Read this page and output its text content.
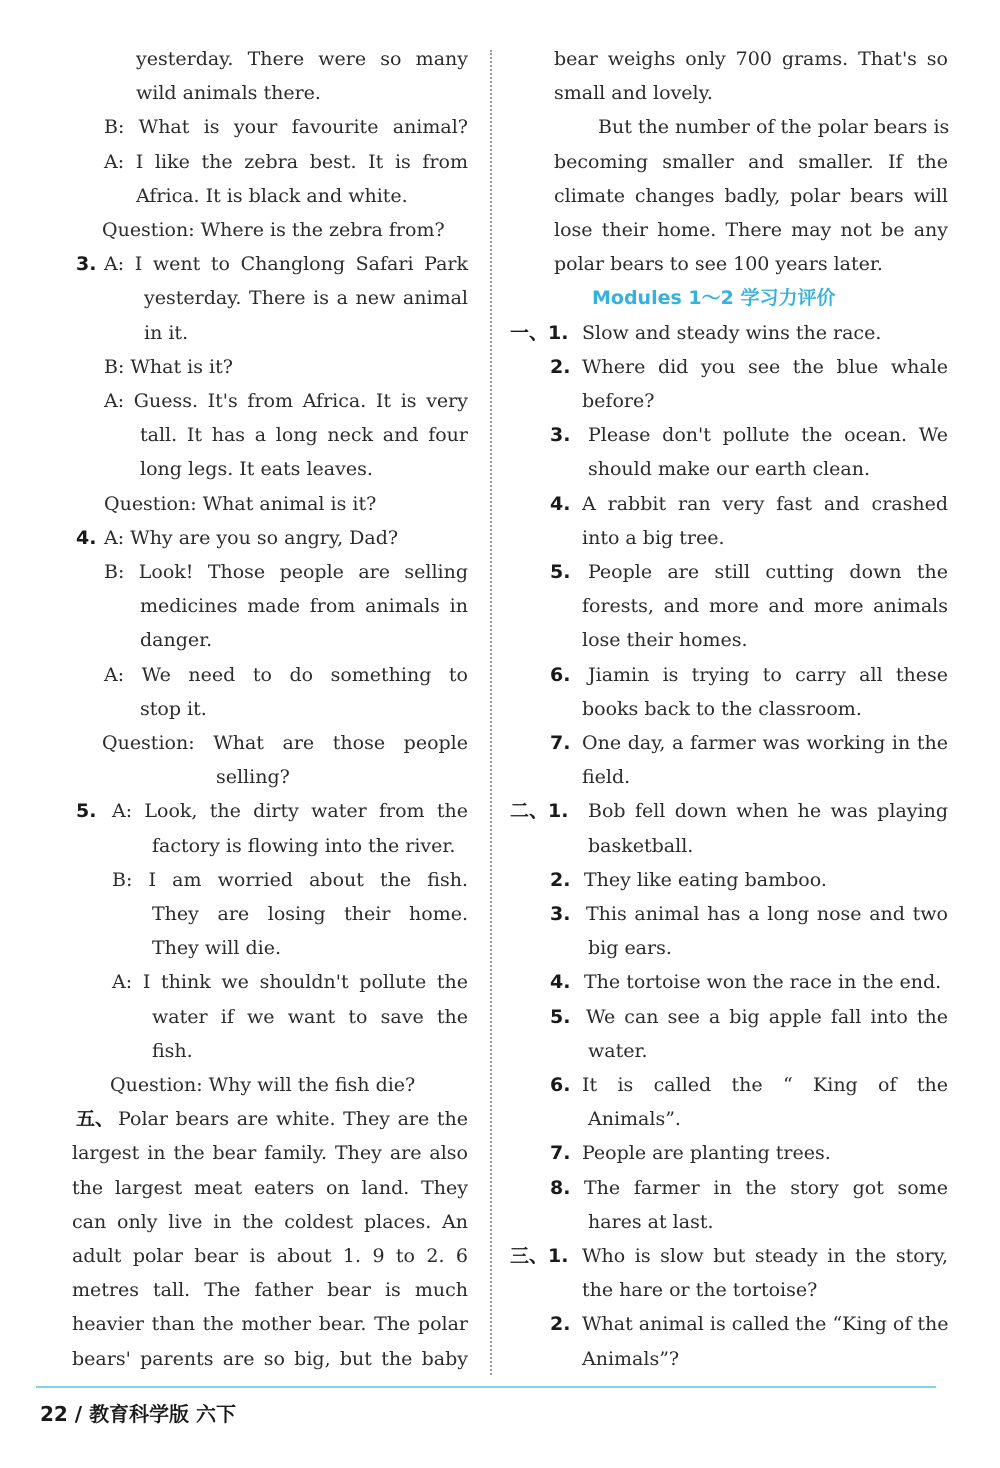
yesterday. There were so many
wild animals there.
B: What is your favourite animal?
A: I like the zebra best. It is from
Africa. It is black and white.
Question: Where is the zebra from?
3. A: I went to Changlong Safari Park
yesterday. There is a new animal
in it.
B: What is it?
A: Guess. It's from Africa. It is very
tall. It has a long neck and four
long legs. It eats leaves.
Question: What animal is it?
4. A: Why are you so angry, Dad?
B: Look! Those people are selling
medicines made from animals in
danger.
A: We need to do something to
stop it.
Question: What are those people
selling?
5. A: Look, the dirty water from the
factory is flowing into the river.
B: I am worried about the fish.
They are losing their home.
They will die.
A: I think we shouldn't pollute the
water if we want to save the
fish.
Question: Why will the fish die?
五、 Polar bears are white. They are the
largest in the bear family. They are also
the largest meat eaters on land. They
can only live in the coldest places. An
adult polar bear is about 1. 9 to 2. 6
metres tall. The father bear is much
heavier than the mother bear. The polar
bears' parents are so big, but the baby
bear weighs only 700 grams. That's so
small and lovely.
But the number of the polar bears is
becoming smaller and smaller. If the
climate changes badly, polar bears will
lose their home. There may not be any
polar bears to see 100 years later.
Modules 1～2 学习力评价
一、1. Slow and steady wins the race.
2. Where did you see the blue whale
before?
3. Please don't pollute the ocean. We
should make our earth clean.
4. A rabbit ran very fast and crashed
into a big tree.
5. People are still cutting down the
forests, and more and more animals
lose their homes.
6. Jiamin is trying to carry all these
books back to the classroom.
7. One day, a farmer was working in the
field.
二、1. Bob fell down when he was playing
basketball.
2. They like eating bamboo.
3. This animal has a long nose and two
big ears.
4. The tortoise won the race in the end.
5. We can see a big apple fall into the
water.
6. It is called the “ King of the
Animals”.
7. People are planting trees.
8. The farmer in the story got some
hares at last.
三、1. Who is slow but steady in the story,
the hare or the tortoise?
2. What animal is called the “King of the
Animals”?
22 / 教育科学版 六下
